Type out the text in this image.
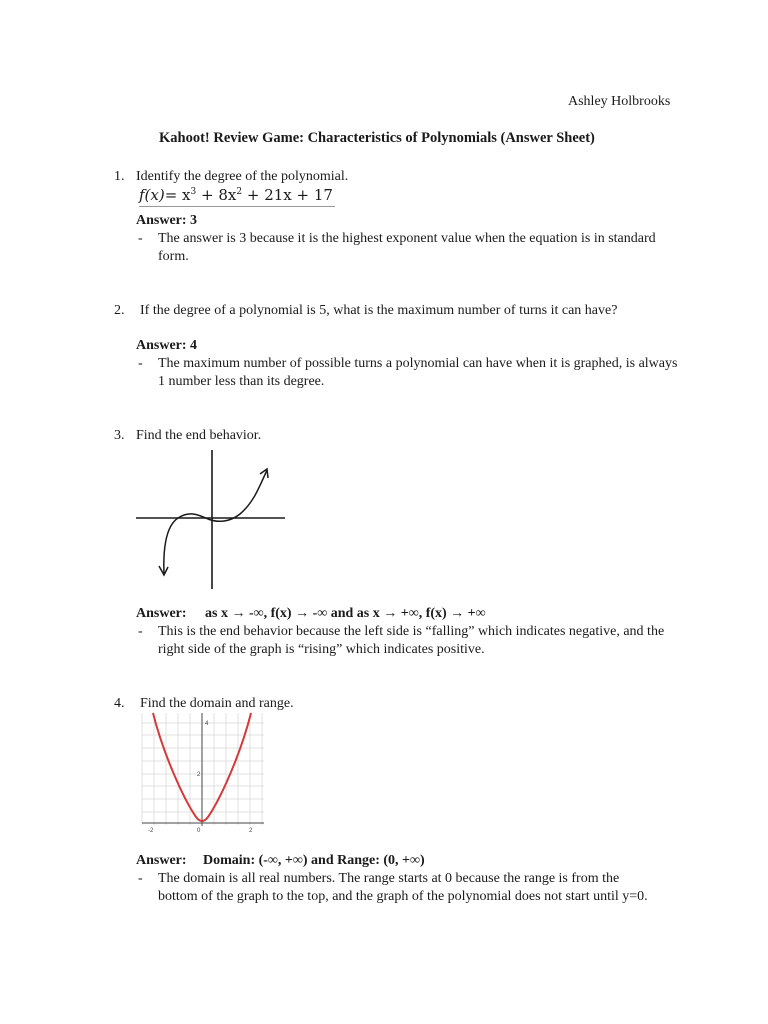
Ashley Holbrooks
Kahoot! Review Game: Characteristics of Polynomials (Answer Sheet)
1. Identify the degree of the polynomial.
$f(x)= x^3 + 8x^2 + 21x + 17$
Answer: 3
- The answer is 3 because it is the highest exponent value when the equation is in standard form.
2. If the degree of a polynomial is 5, what is the maximum number of turns it can have?
Answer: 4
- The maximum number of possible turns a polynomial can have when it is graphed, is always 1 number less than its degree.
3. Find the end behavior.
Answer: as x → -∞, f(x) → -∞ and as x → +∞, f(x) → +∞
- This is the end behavior because the left side is “falling” which indicates negative, and the right side of the graph is “rising” which indicates positive.
4. Find the domain and range.
4
2
-2	0	2
Answer: Domain: (-∞, +∞) and Range: (0, +∞)
- The domain is all real numbers. The range starts at 0 because the range is from the bottom of the graph to the top, and the graph of the polynomial does not start until y=0.
